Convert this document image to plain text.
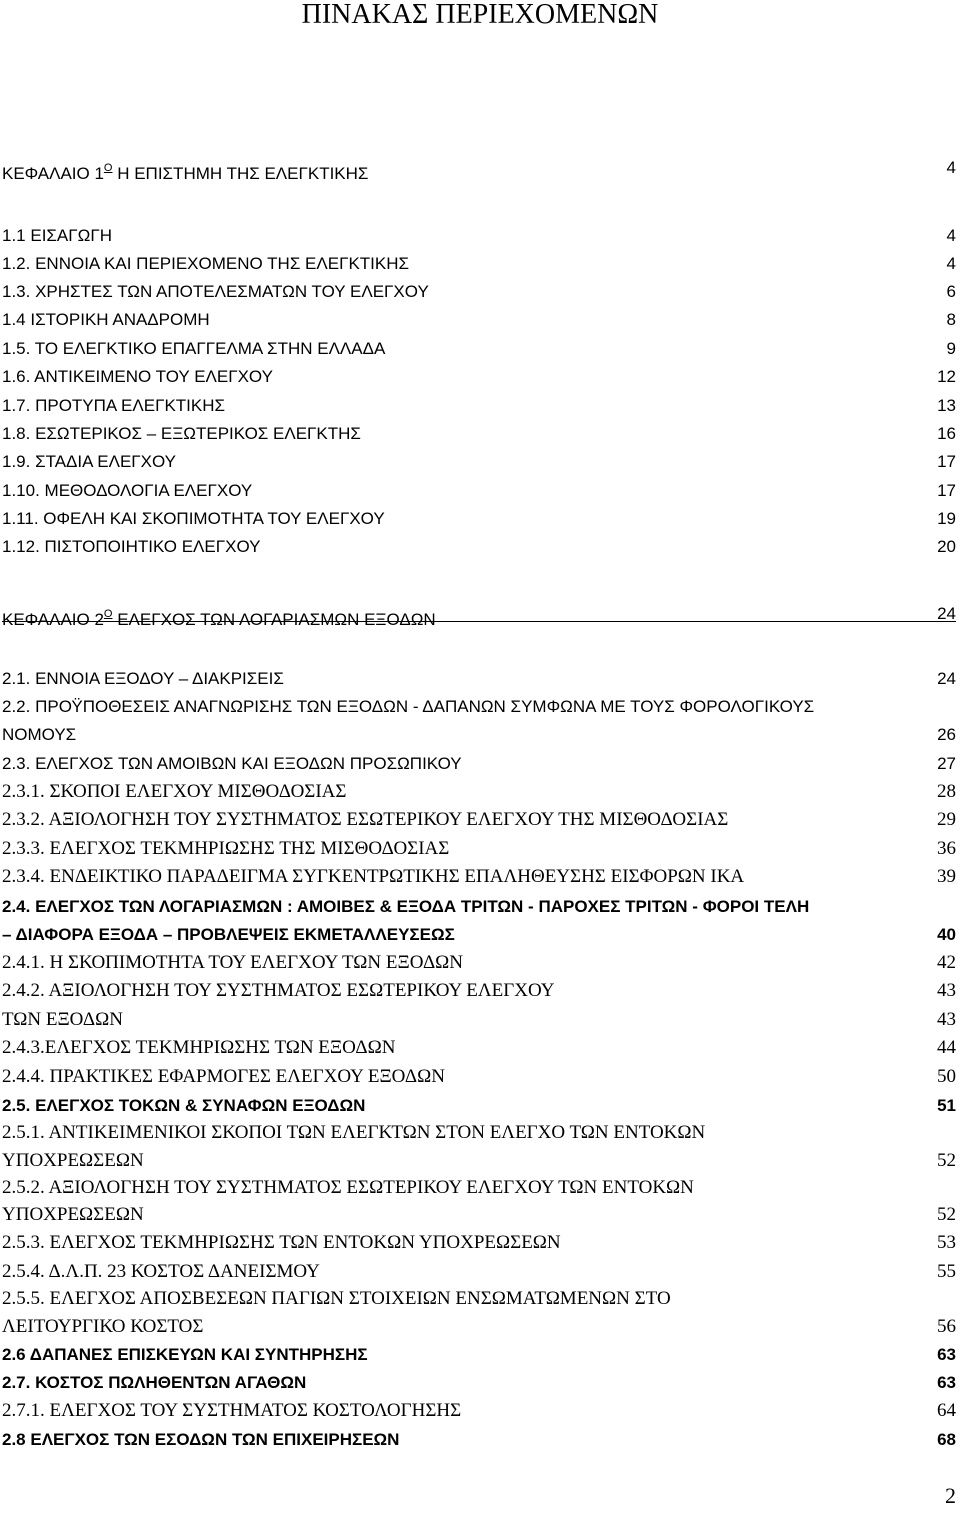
ΠΙΝΑΚΑΣ ΠΕΡΙΕΧΟΜΕΝΩΝ
ΚΕΦΑΛΑΙΟ $1^O$ Η ΕΠΙΣΤΗΜΗ ΤΗΣ ΕΛΕΓΚΤΙΚΗΣ	4
1.1 ΕΙΣΑΓΩΓΗ	4
1.2. ΕΝΝΟΙΑ ΚΑΙ ΠΕΡΙΕΧΟΜΕΝΟ ΤΗΣ ΕΛΕΓΚΤΙΚΗΣ	4
1.3. ΧΡΗΣΤΕΣ ΤΩΝ ΑΠΟΤΕΛΕΣΜΑΤΩΝ ΤΟΥ ΕΛΕΓΧΟΥ	6
1.4 ΙΣΤΟΡΙΚΗ ΑΝΑΔΡΟΜΗ	8
1.5. ΤΟ ΕΛΕΓΚΤΙΚΟ ΕΠΑΓΓΕΛΜΑ ΣΤΗΝ ΕΛΛΑΔΑ	9
1.6. ΑΝΤΙΚΕΙΜΕΝΟ ΤΟΥ ΕΛΕΓΧΟΥ	12
1.7. ΠΡΟΤΥΠΑ ΕΛΕΓΚΤΙΚΗΣ	13
1.8. ΕΣΩΤΕΡΙΚΟΣ – ΕΞΩΤΕΡΙΚΟΣ ΕΛΕΓΚΤΗΣ	16
1.9. ΣΤΑΔΙΑ ΕΛΕΓΧΟΥ	17
1.10. ΜΕΘΟΔΟΛΟΓΙΑ ΕΛΕΓΧΟΥ	17
1.11. ΟΦΕΛΗ ΚΑΙ ΣΚΟΠΙΜΟΤΗΤΑ ΤΟΥ ΕΛΕΓΧΟΥ	19
1.12. ΠΙΣΤΟΠΟΙΗΤΙΚΟ ΕΛΕΓΧΟΥ	20
ΚΕΦΑΛΑΙΟ $2^O$ ΕΛΕΓΧΟΣ ΤΩΝ ΛΟΓΑΡΙΑΣΜΩΝ ΕΞΟΔΩΝ	24
2.1. ΕΝΝΟΙΑ ΕΞΟΔΟΥ – ΔΙΑΚΡΙΣΕΙΣ	24
2.2. ΠΡΟΫΠΟΘΕΣΕΙΣ ΑΝΑΓΝΩΡΙΣΗΣ ΤΩΝ ΕΞΟΔΩΝ - ΔΑΠΑΝΩΝ ΣΥΜΦΩΝΑ ΜΕ ΤΟΥΣ ΦΟΡΟΛΟΓΙΚΟΥΣ
ΝΟΜΟΥΣ	26
2.3. ΕΛΕΓΧΟΣ ΤΩΝ ΑΜΟΙΒΩΝ ΚΑΙ ΕΞΟΔΩΝ ΠΡΟΣΩΠΙΚΟΥ	27
2.3.1. ΣΚΟΠΟΙ ΕΛΕΓΧΟΥ ΜΙΣΘΟΔΟΣΙΑΣ	28
2.3.2. ΑΞΙΟΛΟΓΗΣΗ ΤΟΥ ΣΥΣΤΗΜΑΤΟΣ ΕΣΩΤΕΡΙΚΟΥ ΕΛΕΓΧΟΥ ΤΗΣ ΜΙΣΘΟΔΟΣΙΑΣ	29
2.3.3. ΕΛΕΓΧΟΣ ΤΕΚΜΗΡΙΩΣΗΣ ΤΗΣ ΜΙΣΘΟΔΟΣΙΑΣ	36
2.3.4. ΕΝΔΕΙΚΤΙΚΟ ΠΑΡΑΔΕΙΓΜΑ ΣΥΓΚΕΝΤΡΩΤΙΚΗΣ ΕΠΑΛΗΘΕΥΣΗΣ ΕΙΣΦΟΡΩΝ ΙΚΑ	39
2.4. ΕΛΕΓΧΟΣ ΤΩΝ ΛΟΓΑΡΙΑΣΜΩΝ : ΑΜΟΙΒΕΣ & ΕΞΟΔΑ ΤΡΙΤΩΝ - ΠΑΡΟΧΕΣ ΤΡΙΤΩΝ - ΦΟΡΟΙ ΤΕΛΗ
– ΔΙΑΦΟΡΑ ΕΞΟΔΑ – ΠΡΟΒΛΕΨΕΙΣ ΕΚΜΕΤΑΛΛΕΥΣΕΩΣ	40
2.4.1. Η ΣΚΟΠΙΜΟΤΗΤΑ ΤΟΥ ΕΛΕΓΧΟΥ ΤΩΝ ΕΞΟΔΩΝ	42
2.4.2. ΑΞΙΟΛΟΓΗΣΗ ΤΟΥ ΣΥΣΤΗΜΑΤΟΣ ΕΣΩΤΕΡΙΚΟΥ ΕΛΕΓΧΟΥ	43
ΤΩΝ ΕΞΟΔΩΝ	43
2.4.3.ΕΛΕΓΧΟΣ ΤΕΚΜΗΡΙΩΣΗΣ ΤΩΝ ΕΞΟΔΩΝ	44
2.4.4. ΠΡΑΚΤΙΚΕΣ ΕΦΑΡΜΟΓΕΣ ΕΛΕΓΧΟΥ ΕΞΟΔΩΝ	50
2.5. ΕΛΕΓΧΟΣ ΤΟΚΩΝ & ΣΥΝΑΦΩΝ ΕΞΟΔΩΝ	51
2.5.1. ΑΝΤΙΚΕΙΜΕΝΙΚΟΙ ΣΚΟΠΟΙ ΤΩΝ ΕΛΕΓΚΤΩΝ ΣΤΟΝ ΕΛΕΓΧΟ ΤΩΝ ΕΝΤΟΚΩΝ
ΥΠΟΧΡΕΩΣΕΩΝ	52
2.5.2. ΑΞΙΟΛΟΓΗΣΗ ΤΟΥ ΣΥΣΤΗΜΑΤΟΣ ΕΣΩΤΕΡΙΚΟΥ ΕΛΕΓΧΟΥ ΤΩΝ ΕΝΤΟΚΩΝ
ΥΠΟΧΡΕΩΣΕΩΝ	52
2.5.3. ΕΛΕΓΧΟΣ ΤΕΚΜΗΡΙΩΣΗΣ ΤΩΝ ΕΝΤΟΚΩΝ ΥΠΟΧΡΕΩΣΕΩΝ	53
2.5.4. Δ.Λ.Π. 23 ΚΟΣΤΟΣ ΔΑΝΕΙΣΜΟΥ	55
2.5.5. ΕΛΕΓΧΟΣ ΑΠΟΣΒΕΣΕΩΝ ΠΑΓΙΩΝ ΣΤΟΙΧΕΙΩΝ ΕΝΣΩΜΑΤΩΜΕΝΩΝ ΣΤΟ
ΛΕΙΤΟΥΡΓΙΚΟ ΚΟΣΤΟΣ	56
2.6 ΔΑΠΑΝΕΣ ΕΠΙΣΚΕΥΩΝ ΚΑΙ ΣΥΝΤΗΡΗΣΗΣ	63
2.7. ΚΟΣΤΟΣ ΠΩΛΗΘΕΝΤΩΝ ΑΓΑΘΩΝ	63
2.7.1. ΕΛΕΓΧΟΣ ΤΟΥ ΣΥΣΤΗΜΑΤΟΣ ΚΟΣΤΟΛΟΓΗΣΗΣ	64
2.8 ΕΛΕΓΧΟΣ ΤΩΝ ΕΣΟΔΩΝ ΤΩΝ ΕΠΙΧΕΙΡΗΣΕΩΝ	68
2
